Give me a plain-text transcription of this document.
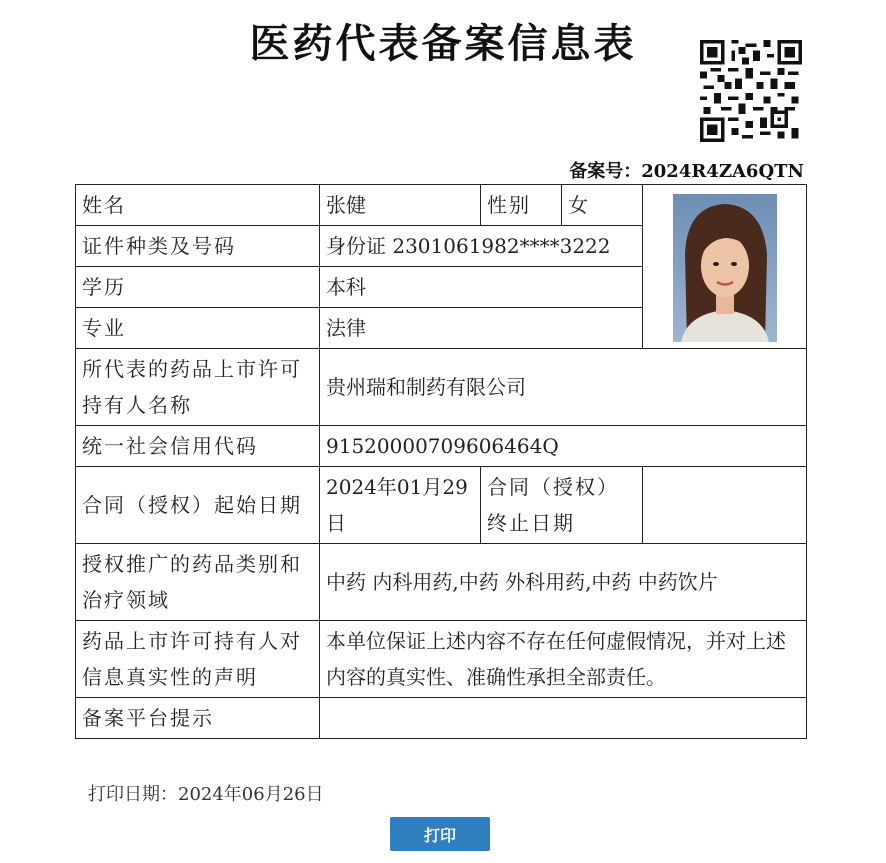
医药代表备案信息表
备案号：2024R4ZA6QTN
姓名	张健	性别	女	

证件种类及号码	身份证 2301061982****3222			
学历	本科			
专业	法律			
所代表的药品上市许可持有人名称	贵州瑞和制药有限公司			
统一社会信用代码	91520000709606464Q			
合同（授权）起始日期	2024年01月29日	合同（授权）终止日期		
授权推广的药品类别和治疗领域	中药 内科用药,中药 外科用药,中药 中药饮片			
药品上市许可持有人对信息真实性的声明	本单位保证上述内容不存在任何虚假情况，并对上述内容的真实性、准确性承担全部责任。			
备案平台提示				
打印日期：2024年06月26日
打印
